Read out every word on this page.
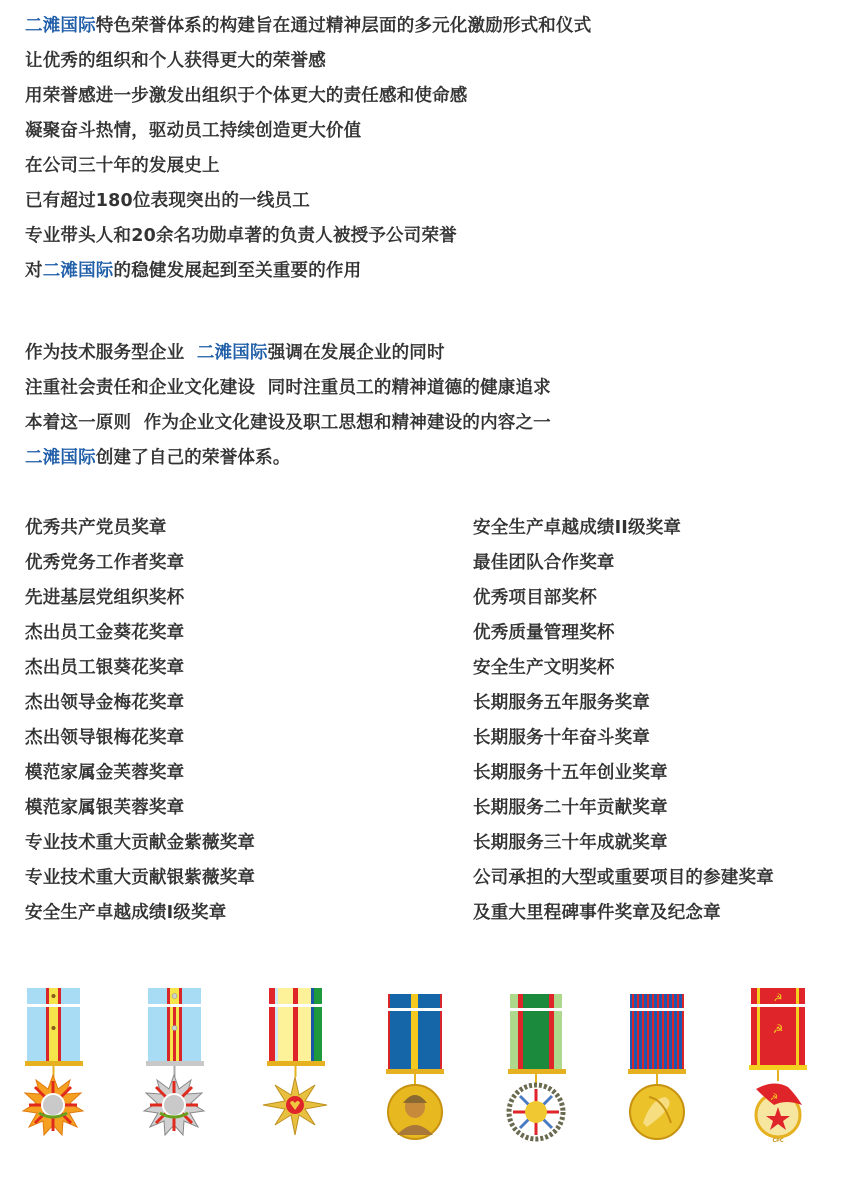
二滩国际特色荣誉体系的构建旨在通过精神层面的多元化激励形式和仪式
让优秀的组织和个人获得更大的荣誉感
用荣誉感进一步激发出组织于个体更大的责任感和使命感
凝聚奋斗热情，驱动员工持续创造更大价值
在公司三十年的发展史上
已有超过180位表现突出的一线员工
专业带头人和20余名功勋卓著的负责人被授予公司荣誉
对二滩国际的稳健发展起到至关重要的作用
作为技术服务型企业  二滩国际强调在发展企业的同时
注重社会责任和企业文化建设  同时注重员工的精神道德的健康追求
本着这一原则  作为企业文化建设及职工思想和精神建设的内容之一
二滩国际创建了自己的荣誉体系。
优秀共产党员奖章
优秀党务工作者奖章
先进基层党组织奖杯
杰出员工金葵花奖章
杰出员工银葵花奖章
杰出领导金梅花奖章
杰出领导银梅花奖章
模范家属金芙蓉奖章
模范家属银芙蓉奖章
专业技术重大贡献金紫薇奖章
专业技术重大贡献银紫薇奖章
安全生产卓越成绩I级奖章
安全生产卓越成绩II级奖章
最佳团队合作奖章
优秀项目部奖杯
优秀质量管理奖杯
安全生产文明奖杯
长期服务五年服务奖章
长期服务十年奋斗奖章
长期服务十五年创业奖章
长期服务二十年贡献奖章
长期服务三十年成就奖章
公司承担的大型或重要项目的参建奖章
及重大里程碑事件奖章及纪念章
☭
☭
☭
CPC
